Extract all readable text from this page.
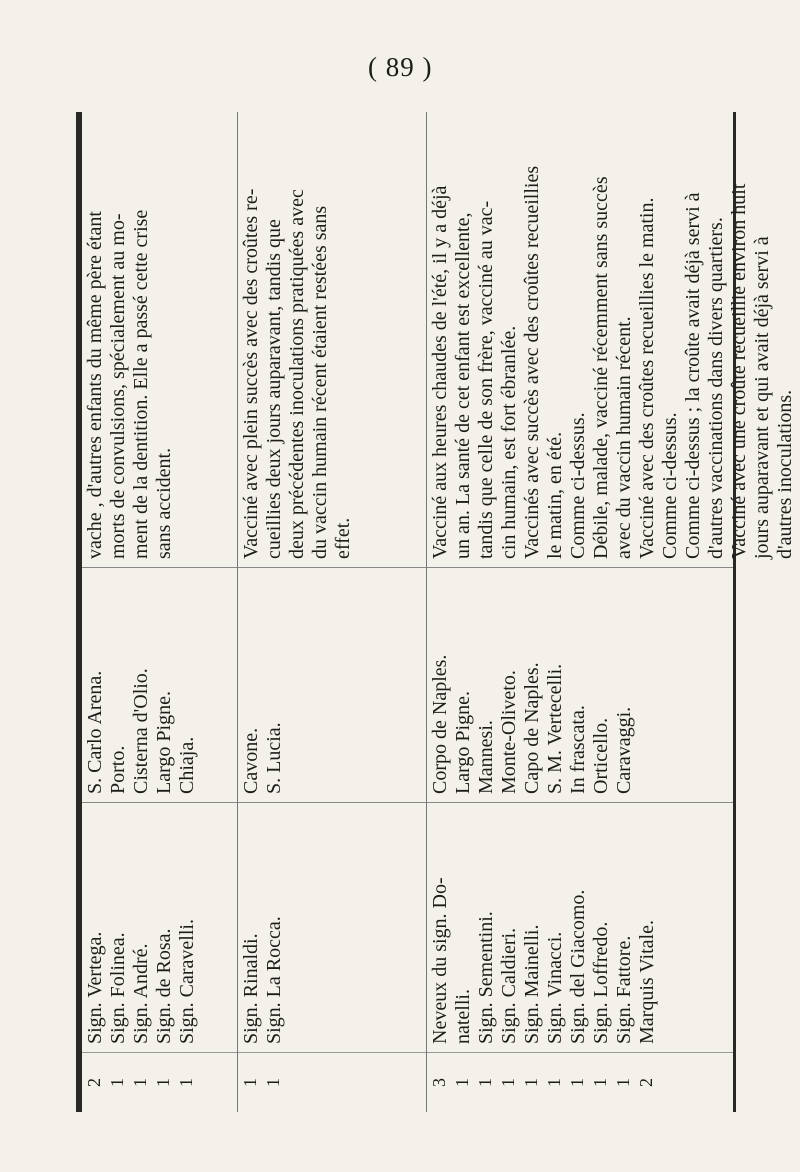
( 89 )
2 1 1 1 1
Sign. Vertega. Sign. Folinea. Sign. André. Sign. de Rosa. Sign. Caravelli.
S. Carlo Arena. Porto. Cisterna d'Olio. Largo Pigne. Chiaja.
vache , d'autres enfants du même père étant morts de convulsions, spécialement au mo- ment de la dentition. Elle a passé cette crise sans accident.
1 1
Sign. Rinaldi. Sign. La Rocca.
Cavone. S. Lucia.
Vacciné avec plein succès avec des croûtes re- cueillies deux jours auparavant, tandis que deux précédentes inoculations pratiquées avec du vaccin humain récent étaient restées sans effet.
3 1 1 1 1 1 1 1 1 2
Neveux du sign. Do- natelli. Sign. Sementini. Sign. Caldieri. Sign. Mainelli. Sign. Vinacci. Sign. del Giacomo. Sign. Loffredo. Sign. Fattore. Marquis Vitale.
Corpo de Naples. Largo Pigne. Mannesi. Monte-Oliveto. Capo de Naples. S. M. Vertecelli. In frascata. Orticello. Caravaggi.
Vacciné aux heures chaudes de l'été, il y a déjà un an. La santé de cet enfant est excellente, tandis que celle de son frère, vacciné au vac- cin humain, est fort ébranlée. Vaccinés avec succès avec des croûtes recueillies le matin, en été. Comme ci-dessus. Débile, malade, vacciné récemment sans succès avec du vaccin humain récent. Vacciné avec des croûtes recueillies le matin. Comme ci-dessus. Comme ci-dessus ; la croûte avait déjà servi à d'autres vaccinations dans divers quartiers. Vacciné avec une croûte recueillie environ huit jours auparavant et qui avait déjà servi à d'autres inoculations.
